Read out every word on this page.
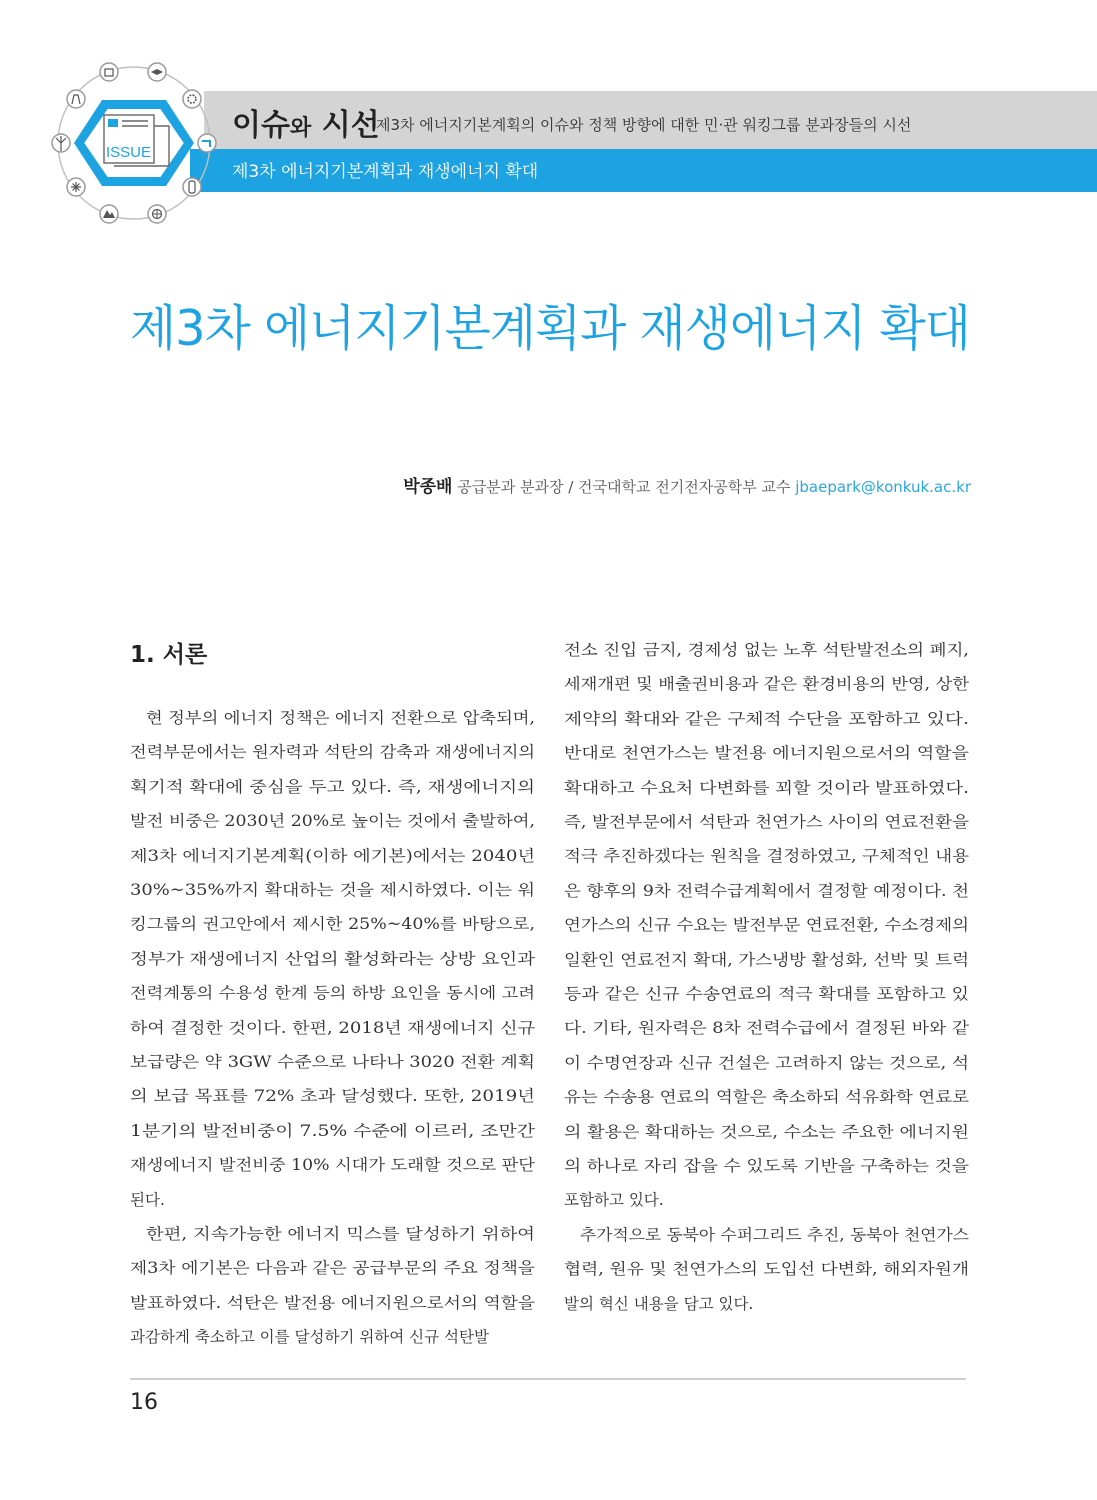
ISSUE
이슈와 시선
제3차 에너지기본계획의 이슈와 정책 방향에 대한 민·관 워킹그룹 분과장들의 시선
제3차 에너지기본계획과 재생에너지 확대
제3차 에너지기본계획과 재생에너지 확대
박종배 공급분과 분과장 / 건국대학교 전기전자공학부 교수 jbaepark@konkuk.ac.kr
1. 서론
현 정부의 에너지 정책은 에너지 전환으로 압축되며,
전력부문에서는 원자력과 석탄의 감축과 재생에너지의
획기적 확대에 중심을 두고 있다. 즉, 재생에너지의
발전 비중은 2030년 20%로 높이는 것에서 출발하여,
제3차 에너지기본계획(이하 에기본)에서는 2040년
30%~35%까지 확대하는 것을 제시하였다. 이는 워
킹그룹의 권고안에서 제시한 25%~40%를 바탕으로,
정부가 재생에너지 산업의 활성화라는 상방 요인과
전력계통의 수용성 한계 등의 하방 요인을 동시에 고려
하여 결정한 것이다. 한편, 2018년 재생에너지 신규
보급량은 약 3GW 수준으로 나타나 3020 전환 계획
의 보급 목표를 72% 초과 달성했다. 또한, 2019년
1분기의 발전비중이 7.5% 수준에 이르러, 조만간
재생에너지 발전비중 10% 시대가 도래할 것으로 판단
된다.
한편, 지속가능한 에너지 믹스를 달성하기 위하여
제3차 에기본은 다음과 같은 공급부문의 주요 정책을
발표하였다. 석탄은 발전용 에너지원으로서의 역할을
과감하게 축소하고 이를 달성하기 위하여 신규 석탄발
전소 진입 금지, 경제성 없는 노후 석탄발전소의 폐지,
세재개편 및 배출권비용과 같은 환경비용의 반영, 상한
제약의 확대와 같은 구체적 수단을 포함하고 있다.
반대로 천연가스는 발전용 에너지원으로서의 역할을
확대하고 수요처 다변화를 꾀할 것이라 발표하였다.
즉, 발전부문에서 석탄과 천연가스 사이의 연료전환을
적극 추진하겠다는 원칙을 결정하였고, 구체적인 내용
은 향후의 9차 전력수급계획에서 결정할 예정이다. 천
연가스의 신규 수요는 발전부문 연료전환, 수소경제의
일환인 연료전지 확대, 가스냉방 활성화, 선박 및 트럭
등과 같은 신규 수송연료의 적극 확대를 포함하고 있
다. 기타, 원자력은 8차 전력수급에서 결정된 바와 같
이 수명연장과 신규 건설은 고려하지 않는 것으로, 석
유는 수송용 연료의 역할은 축소하되 석유화학 연료로
의 활용은 확대하는 것으로, 수소는 주요한 에너지원
의 하나로 자리 잡을 수 있도록 기반을 구축하는 것을
포함하고 있다.
추가적으로 동북아 수퍼그리드 추진, 동북아 천연가스
협력, 원유 및 천연가스의 도입선 다변화, 해외자원개
발의 혁신 내용을 담고 있다.
16
